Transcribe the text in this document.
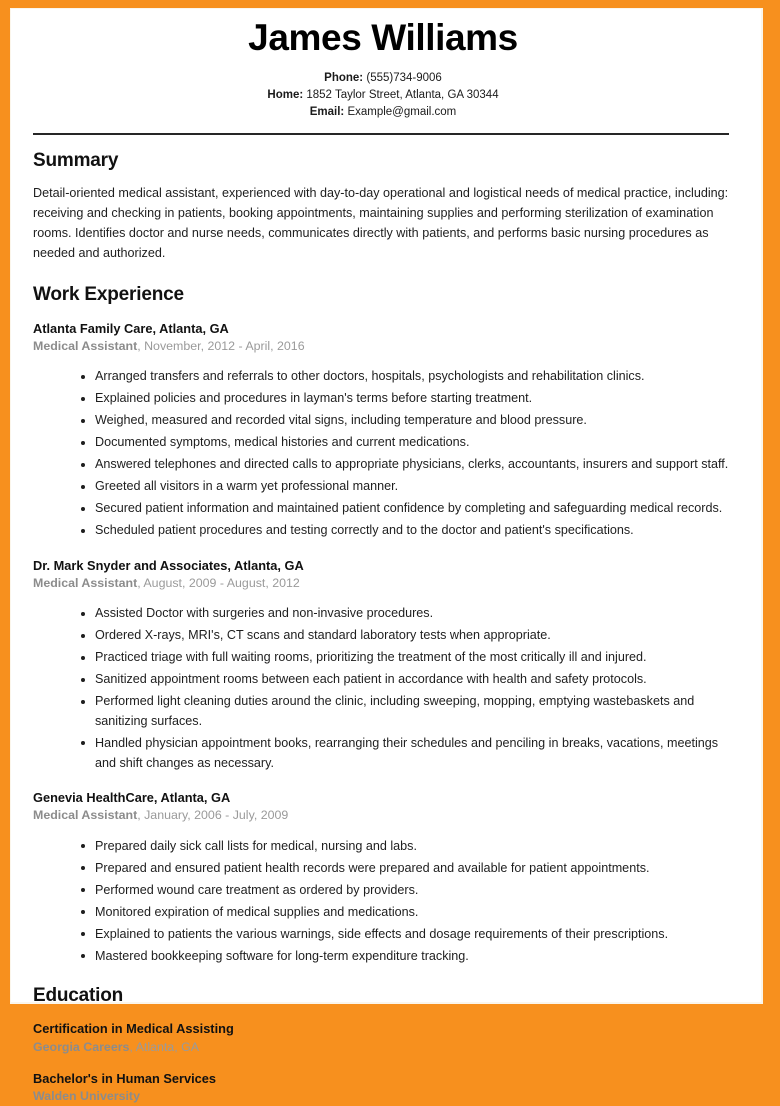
James Williams
Phone: (555)734-9006
Home: 1852 Taylor Street, Atlanta, GA 30344
Email: Example@gmail.com
Summary

Detail-oriented medical assistant, experienced with day-to-day operational and logistical needs of medical practice, including: receiving and checking in patients, booking appointments, maintaining supplies and performing sterilization of examination rooms. Identifies doctor and nurse needs, communicates directly with patients, and performs basic nursing procedures as needed and authorized.

Work Experience
Atlanta Family Care, Atlanta, GA
Medical Assistant, November, 2012 - April, 2016
Arranged transfers and referrals to other doctors, hospitals, psychologists and rehabilitation clinics.
Explained policies and procedures in layman's terms before starting treatment.
Weighed, measured and recorded vital signs, including temperature and blood pressure.
Documented symptoms, medical histories and current medications.
Answered telephones and directed calls to appropriate physicians, clerks, accountants, insurers and support staff.
Greeted all visitors in a warm yet professional manner.
Secured patient information and maintained patient confidence by completing and safeguarding medical records.
Scheduled patient procedures and testing correctly and to the doctor and patient's specifications.
Dr. Mark Snyder and Associates, Atlanta, GA
Medical Assistant, August, 2009 - August, 2012
Assisted Doctor with surgeries and non-invasive procedures.
Ordered X-rays, MRI's, CT scans and standard laboratory tests when appropriate.
Practiced triage with full waiting rooms, prioritizing the treatment of the most critically ill and injured.
Sanitized appointment rooms between each patient in accordance with health and safety protocols.
Performed light cleaning duties around the clinic, including sweeping, mopping, emptying wastebaskets and sanitizing surfaces.
Handled physician appointment books, rearranging their schedules and penciling in breaks, vacations, meetings and shift changes as necessary.
Genevia HealthCare, Atlanta, GA
Medical Assistant, January, 2006 - July, 2009
Prepared daily sick call lists for medical, nursing and labs.
Prepared and ensured patient health records were prepared and available for patient appointments.
Performed wound care treatment as ordered by providers.
Monitored expiration of medical supplies and medications.
Explained to patients the various warnings, side effects and dosage requirements of their prescriptions.
Mastered bookkeeping software for long-term expenditure tracking.
Education
Certification in Medical Assisting
Georgia Careers, Atlanta, GA
Bachelor's in Human Services
Walden University
